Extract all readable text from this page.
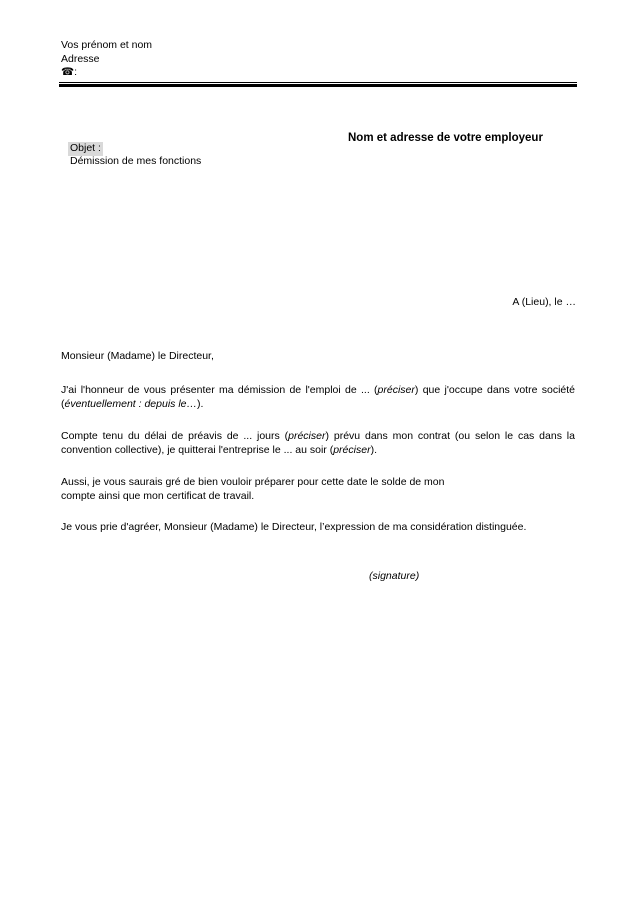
Vos prénom et nom
Adresse
☎:
Nom et adresse de votre employeur
Objet :
Démission de mes fonctions
A (Lieu), le …
Monsieur (Madame) le Directeur,
J'ai l'honneur de vous présenter ma démission de l'emploi de ... (préciser) que j'occupe dans votre société
(éventuellement : depuis le…).
Compte tenu du délai de préavis de ... jours (préciser) prévu dans mon contrat (ou selon le cas dans la
convention collective), je quitterai l'entreprise le ... au soir (préciser).
Aussi, je vous saurais gré de bien vouloir préparer pour cette date le solde de mon
compte ainsi que mon certificat de travail.
Je vous prie d'agréer, Monsieur (Madame) le Directeur, l’expression de ma considération distinguée.
(signature)
